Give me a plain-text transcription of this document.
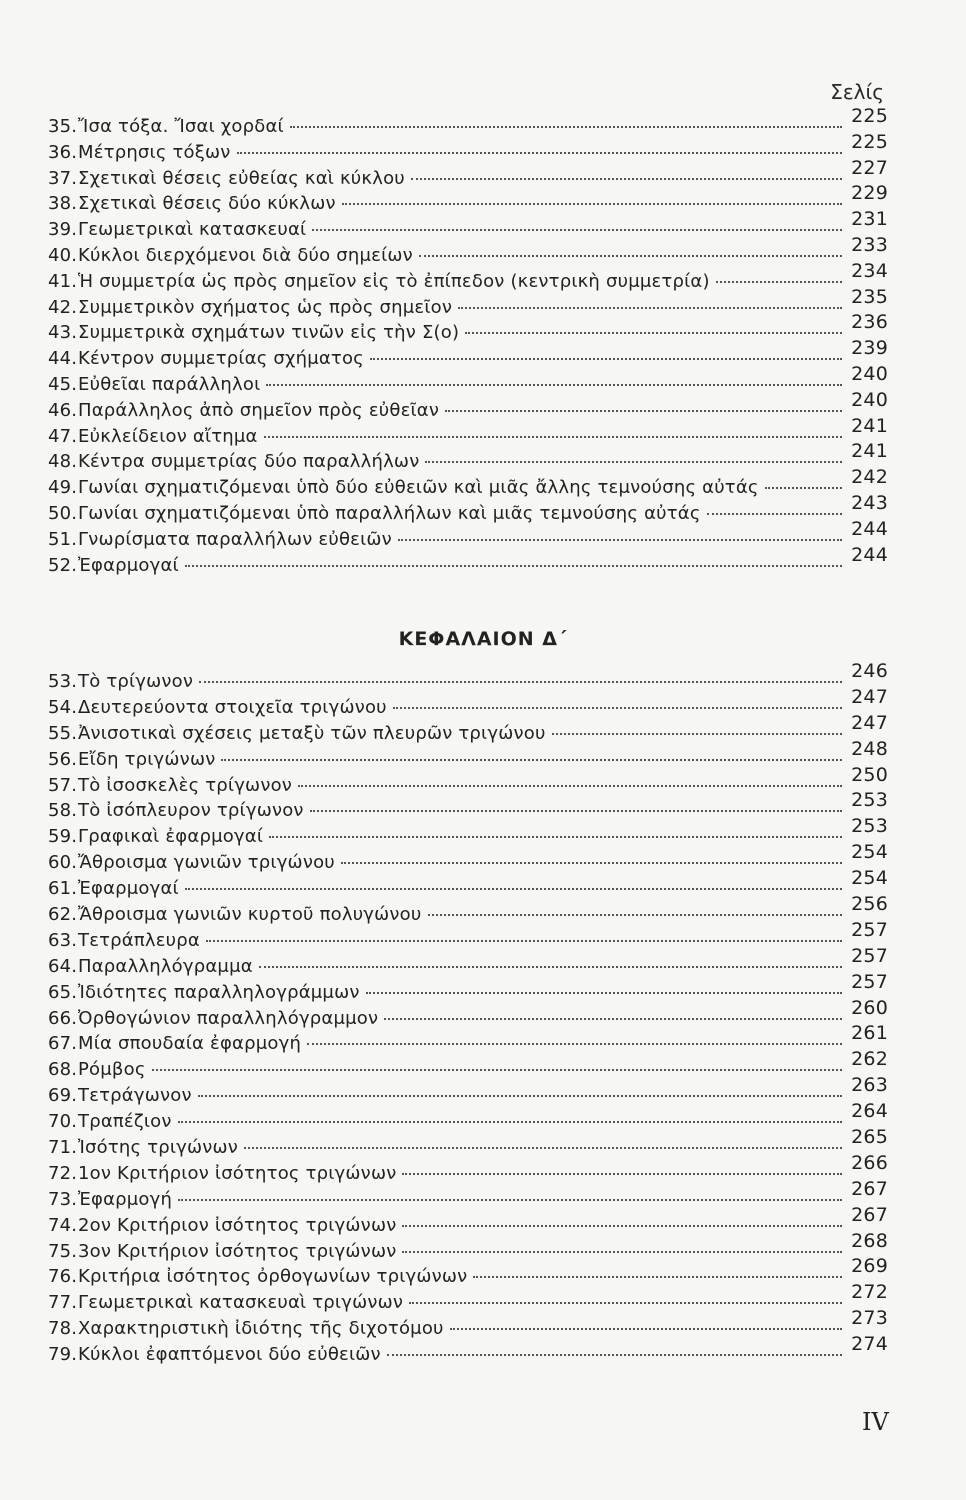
Σελίς
35. Ἴσα τόξα. Ἴσαι χορδαί	225
36. Μέτρησις τόξων	225
37. Σχετικαὶ θέσεις εὐθείας καὶ κύκλου	227
38. Σχετικαὶ θέσεις δύο κύκλων	229
39. Γεωμετρικαὶ κατασκευαί	231
40. Κύκλοι διερχόμενοι διὰ δύο σημείων	233
41. Ἡ συμμετρία ὡς πρὸς σημεῖον εἰς τὸ ἐπίπεδον (κεντρικὴ συμμετρία)	234
42. Συμμετρικὸν σχήματος ὡς πρὸς σημεῖον	235
43. Συμμετρικὰ σχημάτων τινῶν εἰς τὴν Σ(ο)	236
44. Κέντρον συμμετρίας σχήματος	239
45. Εὐθεῖαι παράλληλοι	240
46. Παράλληλος ἀπὸ σημεῖον πρὸς εὐθεῖαν	240
47. Εὐκλείδειον αἴτημα	241
48. Κέντρα συμμετρίας δύο παραλλήλων	241
49. Γωνίαι σχηματιζόμεναι ὑπὸ δύο εὐθειῶν καὶ μιᾶς ἄλλης τεμνούσης αὐτάς	242
50. Γωνίαι σχηματιζόμεναι ὑπὸ παραλλήλων καὶ μιᾶς τεμνούσης αὐτάς	243
51. Γνωρίσματα παραλλήλων εὐθειῶν	244
52. Ἐφαρμογαί	244
ΚΕΦΑΛΑΙΟΝ Δ΄
53. Τὸ τρίγωνον	246
54. Δευτερεύοντα στοιχεῖα τριγώνου	247
55. Ἀνισοτικαὶ σχέσεις μεταξὺ τῶν πλευρῶν τριγώνου	247
56. Εἴδη τριγώνων	248
57. Τὸ ἰσοσκελὲς τρίγωνον	250
58. Τὸ ἰσόπλευρον τρίγωνον	253
59. Γραφικαὶ ἐφαρμογαί	253
60. Ἄθροισμα γωνιῶν τριγώνου	254
61. Ἐφαρμογαί	254
62. Ἄθροισμα γωνιῶν κυρτοῦ πολυγώνου	256
63. Τετράπλευρα	257
64. Παραλληλόγραμμα	257
65. Ἰδιότητες παραλληλογράμμων	257
66. Ὀρθογώνιον παραλληλόγραμμον	260
67. Μία σπουδαία ἐφαρμογή	261
68. Ρόμβος	262
69. Τετράγωνον	263
70. Τραπέζιον	264
71. Ἰσότης τριγώνων	265
72. 1ον Κριτήριον ἰσότητος τριγώνων	266
73. Ἐφαρμογή	267
74. 2ον Κριτήριον ἰσότητος τριγώνων	267
75. 3ον Κριτήριον ἰσότητος τριγώνων	268
76. Κριτήρια ἰσότητος ὀρθογωνίων τριγώνων	269
77. Γεωμετρικαὶ κατασκευαὶ τριγώνων	272
78. Χαρακτηριστικὴ ἰδιότης τῆς διχοτόμου	273
79. Κύκλοι ἐφαπτόμενοι δύο εὐθειῶν	274
IV
